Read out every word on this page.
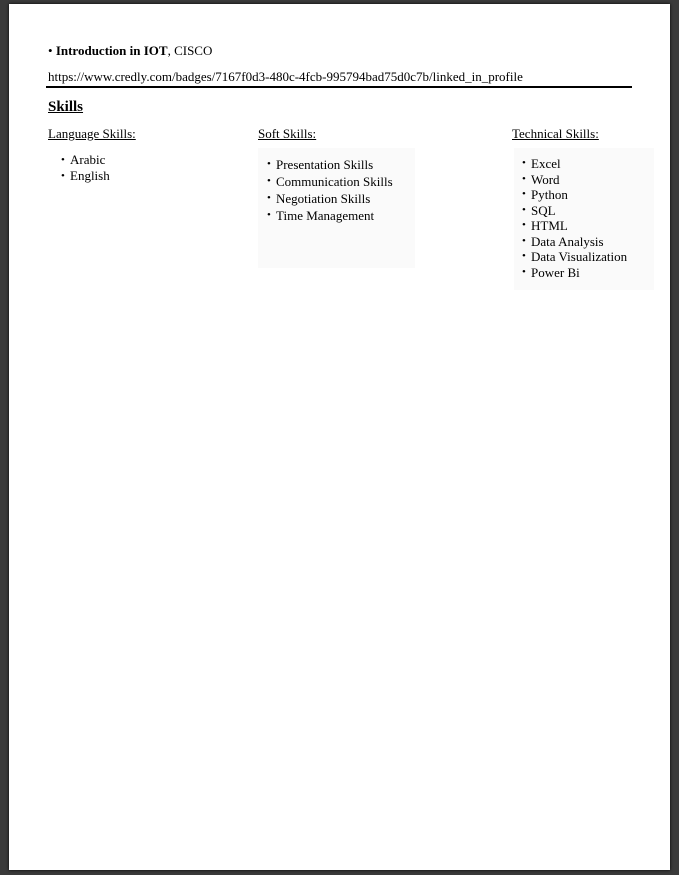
• Introduction in IOT, CISCO
https://www.credly.com/badges/7167f0d3-480c-4fcb-995794bad75d0c7b/linked_in_profile
Skills
Language Skills:	Soft Skills:	Technical Skills:
• Arabic
• English
• Presentation Skills
• Communication Skills
• Negotiation Skills
• Time Management
• Excel
• Word
• Python
• SQL
• HTML
• Data Analysis
• Data Visualization
• Power Bi
